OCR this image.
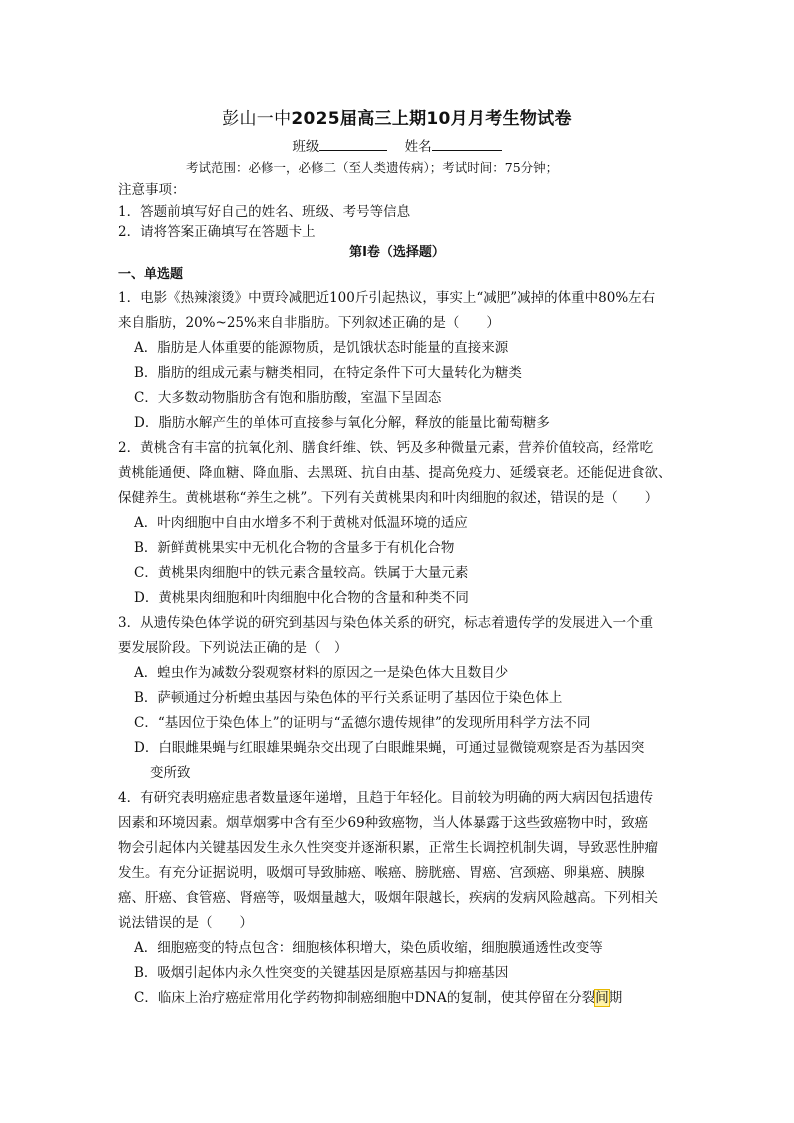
彭山一中2025届高三上期10月月考生物试卷
班级	姓名
考试范围：必修一，必修二（至人类遗传病）；考试时间：75分钟；
注意事项：
1．答题前填写好自己的姓名、班级、考号等信息
2．请将答案正确填写在答题卡上
第Ⅰ卷（选择题）
一、单选题
1．电影《热辣滚烫》中贾玲减肥近100斤引起热议，事实上“减肥”减掉的体重中80%左右
来自脂肪，20%~25%来自非脂肪。下列叙述正确的是（　　）
A．脂肪是人体重要的能源物质，是饥饿状态时能量的直接来源
B．脂肪的组成元素与糖类相同，在特定条件下可大量转化为糖类
C．大多数动物脂肪含有饱和脂肪酸，室温下呈固态
D．脂肪水解产生的单体可直接参与氧化分解，释放的能量比葡萄糖多
2．黄桃含有丰富的抗氧化剂、膳食纤维、铁、钙及多种微量元素，营养价值较高，经常吃
黄桃能通便、降血糖、降血脂、去黑斑、抗自由基、提高免疫力、延缓衰老。还能促进食欲、
保健养生。黄桃堪称“养生之桃”。下列有关黄桃果肉和叶肉细胞的叙述，错误的是（　　）
A．叶肉细胞中自由水增多不利于黄桃对低温环境的适应
B．新鲜黄桃果实中无机化合物的含量多于有机化合物
C．黄桃果肉细胞中的铁元素含量较高。铁属于大量元素
D．黄桃果肉细胞和叶肉细胞中化合物的含量和种类不同
3．从遗传染色体学说的研究到基因与染色体关系的研究，标志着遗传学的发展进入一个重
要发展阶段。下列说法正确的是（　）
A．蝗虫作为减数分裂观察材料的原因之一是染色体大且数目少
B．萨顿通过分析蝗虫基因与染色体的平行关系证明了基因位于染色体上
C．“基因位于染色体上”的证明与“孟德尔遗传规律”的发现所用科学方法不同
D．白眼雌果蝇与红眼雄果蝇杂交出现了白眼雌果蝇，可通过显微镜观察是否为基因突
变所致
4．有研究表明癌症患者数量逐年递增，且趋于年轻化。目前较为明确的两大病因包括遗传
因素和环境因素。烟草烟雾中含有至少69种致癌物，当人体暴露于这些致癌物中时，致癌
物会引起体内关键基因发生永久性突变并逐渐积累，正常生长调控机制失调，导致恶性肿瘤
发生。有充分证据说明，吸烟可导致肺癌、喉癌、膀胱癌、胃癌、宫颈癌、卵巢癌、胰腺
癌、肝癌、食管癌、肾癌等，吸烟量越大，吸烟年限越长，疾病的发病风险越高。下列相关
说法错误的是（　　）
A．细胞癌变的特点包含：细胞核体积增大，染色质收缩，细胞膜通透性改变等
B．吸烟引起体内永久性突变的关键基因是原癌基因与抑癌基因
C．临床上治疗癌症常用化学药物抑制癌细胞中DNA的复制，使其停留在分裂间期
